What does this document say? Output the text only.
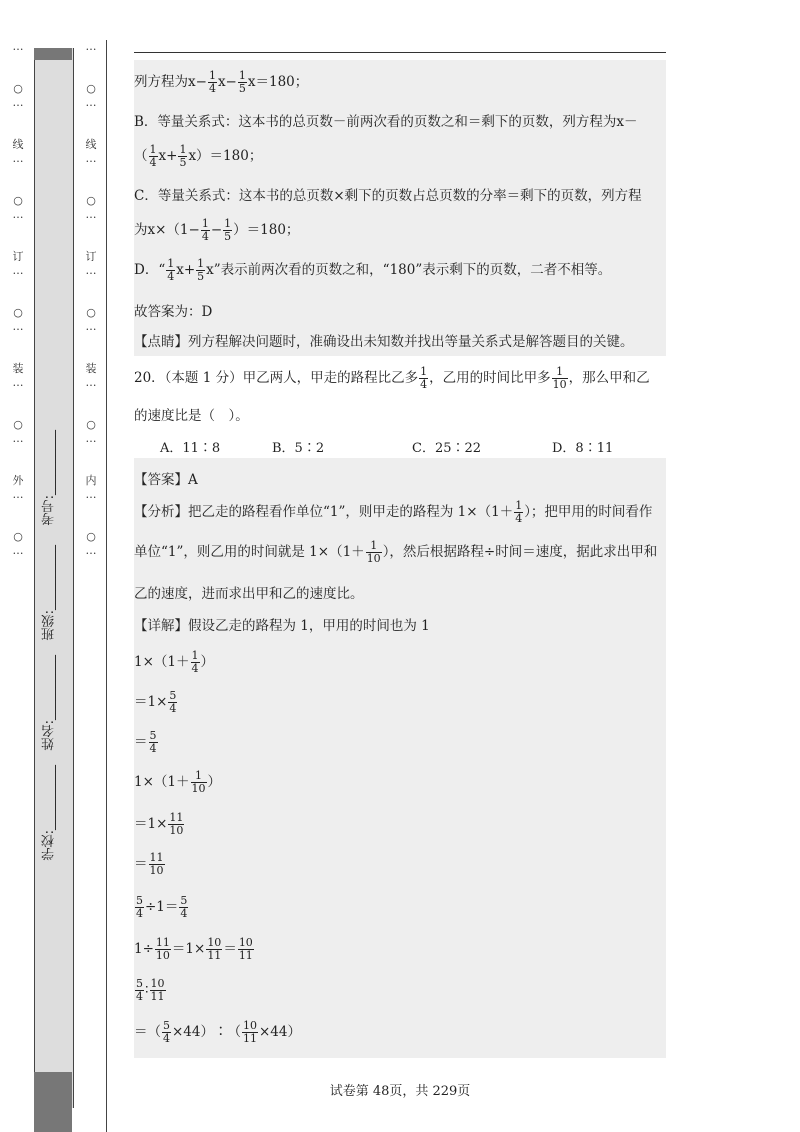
…
○
…
线
…
○
…
订
…
○
…
装
…
○
…
外
…
○
…
考号:__________
班级:__________
姓名:__________
学校:__________
…
○
…
线
…
○
…
订
…
○
…
装
…
○
…
内
…
○
…
列方程为$x- \frac{1}{4} x- \frac{1}{5} x=180$；
B．等量关系式：这本书的总页数－前两次看的页数之和＝剩下的页数，列方程为x－
（ $\frac{1}{4} x+ \frac{1}{5} x)=180$；
C．等量关系式：这本书的总页数×剩下的页数占总页数的分率＝剩下的页数，列方程
为$x\times(1- \frac{1}{4} - \frac{1}{5} )=180$；
D．“ $\frac{1}{4} x+ \frac{1}{5} x$”表示前两次看的页数之和，“180”表示剩下的页数，二者不相等。
故答案为：D
【点睛】列方程解决问题时，准确设出未知数并找出等量关系式是解答题目的关键。
20．（本题 1 分）甲乙两人，甲走的路程比乙多 $\frac{1}{4}$ ，乙用的时间比甲多 $\frac{1}{10}$ ，那么甲和乙
的速度比是（　）。
A．11∶8	B．5∶2	C．25∶22	D．8∶11
【答案】A
【分析】把乙走的路程看作单位“1”，则甲走的路程为 $1\times(1+ \frac{1}{4}$ ）；把甲用的时间看作
单位“1”，则乙用的时间就是 $1\times(1+ \frac{1}{10}$ ），然后根据路程÷时间＝速度，据此求出甲和
乙的速度，进而求出甲和乙的速度比。
【详解】假设乙走的路程为 1，甲用的时间也为 1
$1\times(1+ \frac{1}{4}$ ）
$=1\times \frac{5}{4}$
＝ $\frac{5}{4}$
$1\times(1+ \frac{1}{10}$ ）
$=1\times \frac{11}{10}$
＝ $\frac{11}{10}$
$\frac{5}{4} \div 1= \frac{5}{4}$
$1\div \frac{11}{10} =1\times \frac{10}{11} = \frac{10}{11}$
$\frac{5}{4}$ ∶ $\frac{10}{11}$
＝（ $\frac{5}{4}$ ×44）∶（ $\frac{10}{11} \times 44$）
试卷第 48页，共 229页
